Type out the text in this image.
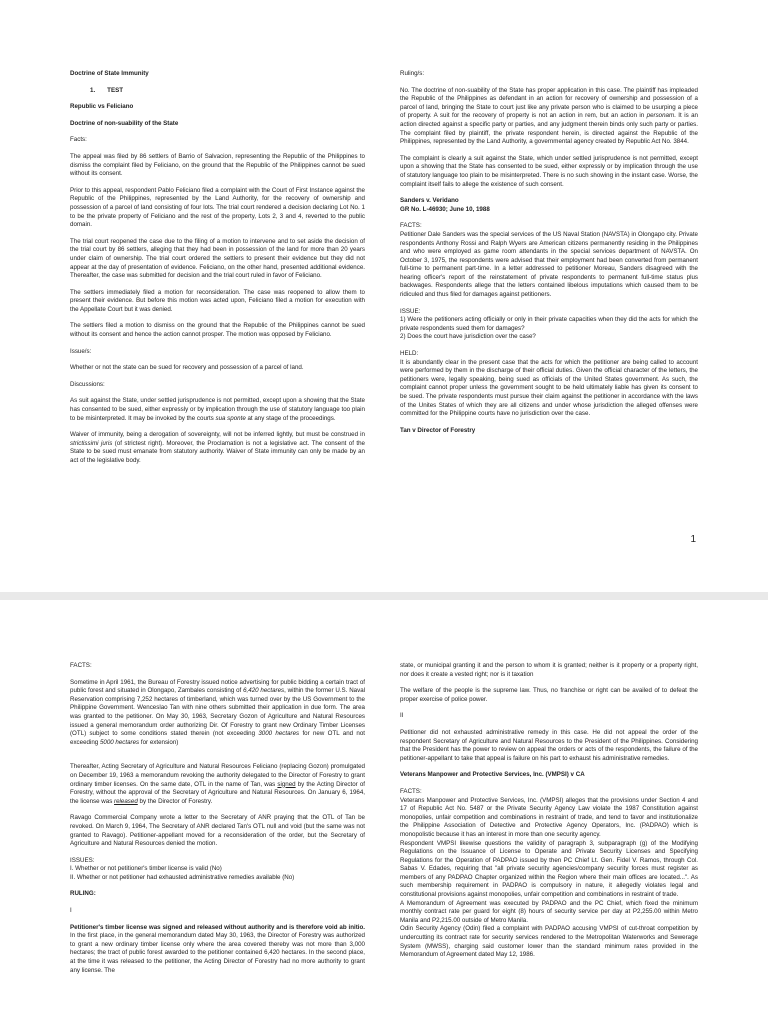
Doctrine of State Immunity

1. TEST

Republic vs Feliciano

Doctrine of non-suability of the State

Facts:

The appeal was filed by 86 settlers of Barrio of Salvacion, representing the Republic of the Philippines to dismiss the complaint filed by Feliciano, on the ground that the Republic of the Philippines cannot be sued without its consent.

Prior to this appeal, respondent Pablo Feliciano filed a complaint with the Court of First Instance against the Republic of the Philippines, represented by the Land Authority, for the recovery of ownership and possession of a parcel of land consisting of four lots. The trial court rendered a decision declaring Lot No. 1 to be the private property of Feliciano and the rest of the property, Lots 2, 3 and 4, reverted to the public domain.

The trial court reopened the case due to the filing of a motion to intervene and to set aside the decision of the trial court by 86 settlers, alleging that they had been in possession of the land for more than 20 years under claim of ownership. The trial court ordered the settlers to present their evidence but they did not appear at the day of presentation of evidence. Feliciano, on the other hand, presented additional evidence. Thereafter, the case was submitted for decision and the trial court ruled in favor of Feliciano.

The settlers immediately filed a motion for reconsideration. The case was reopened to allow them to present their evidence. But before this motion was acted upon, Feliciano filed a motion for execution with the Appellate Court but it was denied.

The settlers filed a motion to dismiss on the ground that the Republic of the Philippines cannot be sued without its consent and hence the action cannot prosper. The motion was opposed by Feliciano.

Issue/s:

Whether or not the state can be sued for recovery and possession of a parcel of land.

Discussions:

As suit against the State, under settled jurisprudence is not permitted, except upon a showing that the State has consented to be sued, either expressly or by implication through the use of statutory language too plain to be misinterpreted. It may be invoked by the courts sua sponte at any stage of the proceedings.

Waiver of immunity, being a derogation of sovereignty, will not be inferred lightly, but must be construed in strictissimi juris (of strictest right). Moreover, the Proclamation is not a legislative act. The consent of the State to be sued must emanate from statutory authority. Waiver of State immunity can only be made by an act of the legislative body.

Ruling/s:

No. The doctrine of non-suability of the State has proper application in this case. The plaintiff has impleaded the Republic of the Philippines as defendant in an action for recovery of ownership and possession of a parcel of land, bringing the State to court just like any private person who is claimed to be usurping a piece of property. A suit for the recovery of property is not an action in rem, but an action in personam. It is an action directed against a specific party or parties, and any judgment therein binds only such party or parties. The complaint filed by plaintiff, the private respondent herein, is directed against the Republic of the Philippines, represented by the Land Authority, a governmental agency created by Republic Act No. 3844.

The complaint is clearly a suit against the State, which under settled jurisprudence is not permitted, except upon a showing that the State has consented to be sued, either expressly or by implication through the use of statutory language too plain to be misinterpreted. There is no such showing in the instant case. Worse, the complaint itself fails to allege the existence of such consent.

Sanders v. Veridano

GR No. L-46930; June 10, 1988

FACTS:

Petitioner Dale Sanders was the special services of the US Naval Station (NAVSTA) in Olongapo city. Private respondents Anthony Rossi and Ralph Wyers are American citizens permanently residing in the Philippines and who were employed as game room attendants in the special services department of NAVSTA. On October 3, 1975, the respondents were advised that their employment had been converted from permanent full-time to permanent part-time. In a letter addressed to petitioner Moreau, Sanders disagreed with the hearing officer's report of the reinstatement of private respondents to permanent full-time status plus backwages. Respondents allege that the letters contained libelous imputations which caused them to be ridiculed and thus filed for damages against petitioners.

ISSUE:

1) Were the petitioners acting officially or only in their private capacities when they did the acts for which the private respondents sued them for damages?

2) Does the court have jurisdiction over the case?

HELD:

It is abundantly clear in the present case that the acts for which the petitioner are being called to account were performed by them in the discharge of their official duties. Given the official character of the letters, the petitioners were, legally speaking, being sued as officials of the United States government. As such, the complaint cannot proper unless the government sought to be held ultimately liable has given its consent to be sued. The private respondents must pursue their claim against the petitioner in accordance with the laws of the Unites States of which they are all citizens and under whose jurisdiction the alleged offenses were committed for the Philippine courts have no jurisdiction over the case.

Tan v Director of Forestry

1

FACTS:

Sometime in April 1961, the Bureau of Forestry issued notice advertising for public bidding a certain tract of public forest and situated in Olongapo, Zambales consisting of 6,420 hectares, within the former U.S. Naval Reservation comprising 7,252 hectares of timberland, which was turned over by the US Government to the Philippine Government. Wenceslao Tan with nine others submitted their application in due form. The area was granted to the petitioner. On May 30, 1963, Secretary Gozon of Agriculture and Natural Resources issued a general memorandum order authorizing Dir. Of Forestry to grant new Ordinary Timber Licenses (OTL) subject to some conditions stated therein (not exceeding 3000 hectares for new OTL and not exceeding 5000 hectares for extension)

Thereafter, Acting Secretary of Agriculture and Natural Resources Feliciano (replacing Gozon) promulgated on December 19, 1963 a memorandum revoking the authority delegated to the Director of Forestry to grant ordinary timber licenses. On the same date, OTL in the name of Tan, was signed by the Acting Director of Forestry, without the approval of the Secretary of Agriculture and Natural Resources. On January 6, 1964, the license was released by the Director of Forestry.

Ravago Commercial Company wrote a letter to the Secretary of ANR praying that the OTL of Tan be revoked. On March 9, 1964, The Secretary of ANR declared Tan's OTL null and void (but the same was not granted to Ravago). Petitioner-appellant moved for a reconsideration of the order, but the Secretary of Agriculture and Natural Resources denied the motion.

ISSUES:

I. Whether or not petitioner's timber license is valid (No)

II. Whether or not petitioner had exhausted administrative remedies available (No)

RULING:

I

Petitioner's timber license was signed and released without authority and is therefore void ab initio. In the first place, in the general memorandum dated May 30, 1963, the Director of Forestry was authorized to grant a new ordinary timber license only where the area covered thereby was not more than 3,000 hectares; the tract of public forest awarded to the petitioner contained 6,420 hectares. In the second place, at the time it was released to the petitioner, the Acting Director of Forestry had no more authority to grant any license. The

state, or municipal granting it and the person to whom it is granted; neither is it property or a property right, nor does it create a vested right; nor is it taxation

The welfare of the people is the supreme law. Thus, no franchise or right can be availed of to defeat the proper exercise of police power.

II

Petitioner did not exhausted administrative remedy in this case. He did not appeal the order of the respondent Secretary of Agriculture and Natural Resources to the President of the Philippines. Considering that the President has the power to review on appeal the orders or acts of the respondents, the failure of the petitioner-appellant to take that appeal is failure on his part to exhaust his administrative remedies.

Veterans Manpower and Protective Services, Inc. (VMPSI) v CA

FACTS:

Veterans Manpower and Protective Services, Inc. (VMPSI) alleges that the provisions under Section 4 and 17 of Republic Act No. 5487 or the Private Security Agency Law violate the 1987 Constitution against monopolies, unfair competition and combinations in restraint of trade, and tend to favor and institutionalize the Philippine Association of Detective and Protective Agency Operators, Inc. (PADPAO) which is monopolistic because it has an interest in more than one security agency.

Respondent VMPSI likewise questions the validity of paragraph 3, subparagraph (g) of the Modifying Regulations on the Issuance of License to Operate and Private Security Licenses and Specifying Regulations for the Operation of PADPAO issued by then PC Chief Lt. Gen. Fidel V. Ramos, through Col. Sabas V. Edades, requiring that "all private security agencies/company security forces must register as members of any PADPAO Chapter organized within the Region where their main offices are located...". As such membership requirement in PADPAO is compulsory in nature, it allegedly violates legal and constitutional provisions against monopolies, unfair competition and combinations in restraint of trade.

A Memorandum of Agreement was executed by PADPAO and the PC Chief, which fixed the minimum monthly contract rate per guard for eight (8) hours of security service per day at P2,255.00 within Metro Manila and P2,215.00 outside of Metro Manila.

Odin Security Agency (Odin) filed a complaint with PADPAO accusing VMPSI of cut-throat competition by undercutting its contract rate for security services rendered to the Metropolitan Waterworks and Sewerage System (MWSS), charging said customer lower than the standard minimum rates provided in the Memorandum of Agreement dated May 12, 1986.
